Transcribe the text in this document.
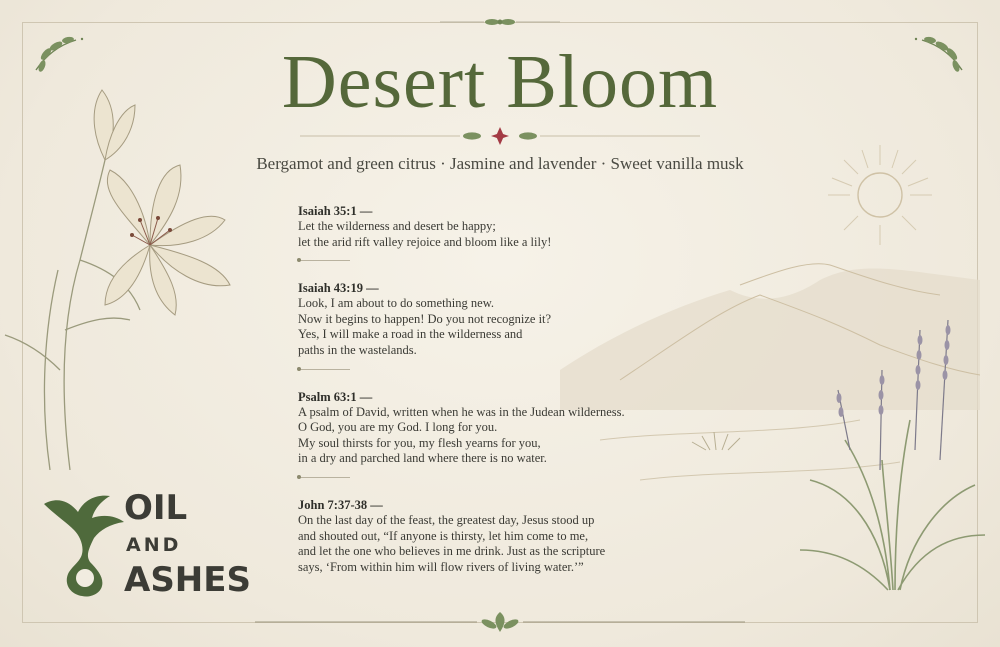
Desert Bloom
Bergamot and green citrus · Jasmine and lavender · Sweet vanilla musk
Isaiah 35:1 —
Let the wilderness and desert be happy;
let the arid rift valley rejoice and bloom like a lily!
Isaiah 43:19 —
Look, I am about to do something new.
Now it begins to happen! Do you not recognize it?
Yes, I will make a road in the wilderness and
paths in the wastelands.
Psalm 63:1 —
A psalm of David, written when he was in the Judean wilderness.
O God, you are my God. I long for you.
My soul thirsts for you, my flesh yearns for you,
in a dry and parched land where there is no water.
John 7:37-38 —
On the last day of the feast, the greatest day, Jesus stood up
and shouted out, “If anyone is thirsty, let him come to me,
and let the one who believes in me drink. Just as the scripture
says, ‘From within him will flow rivers of living water.’”
OIL
AND
ASHES
